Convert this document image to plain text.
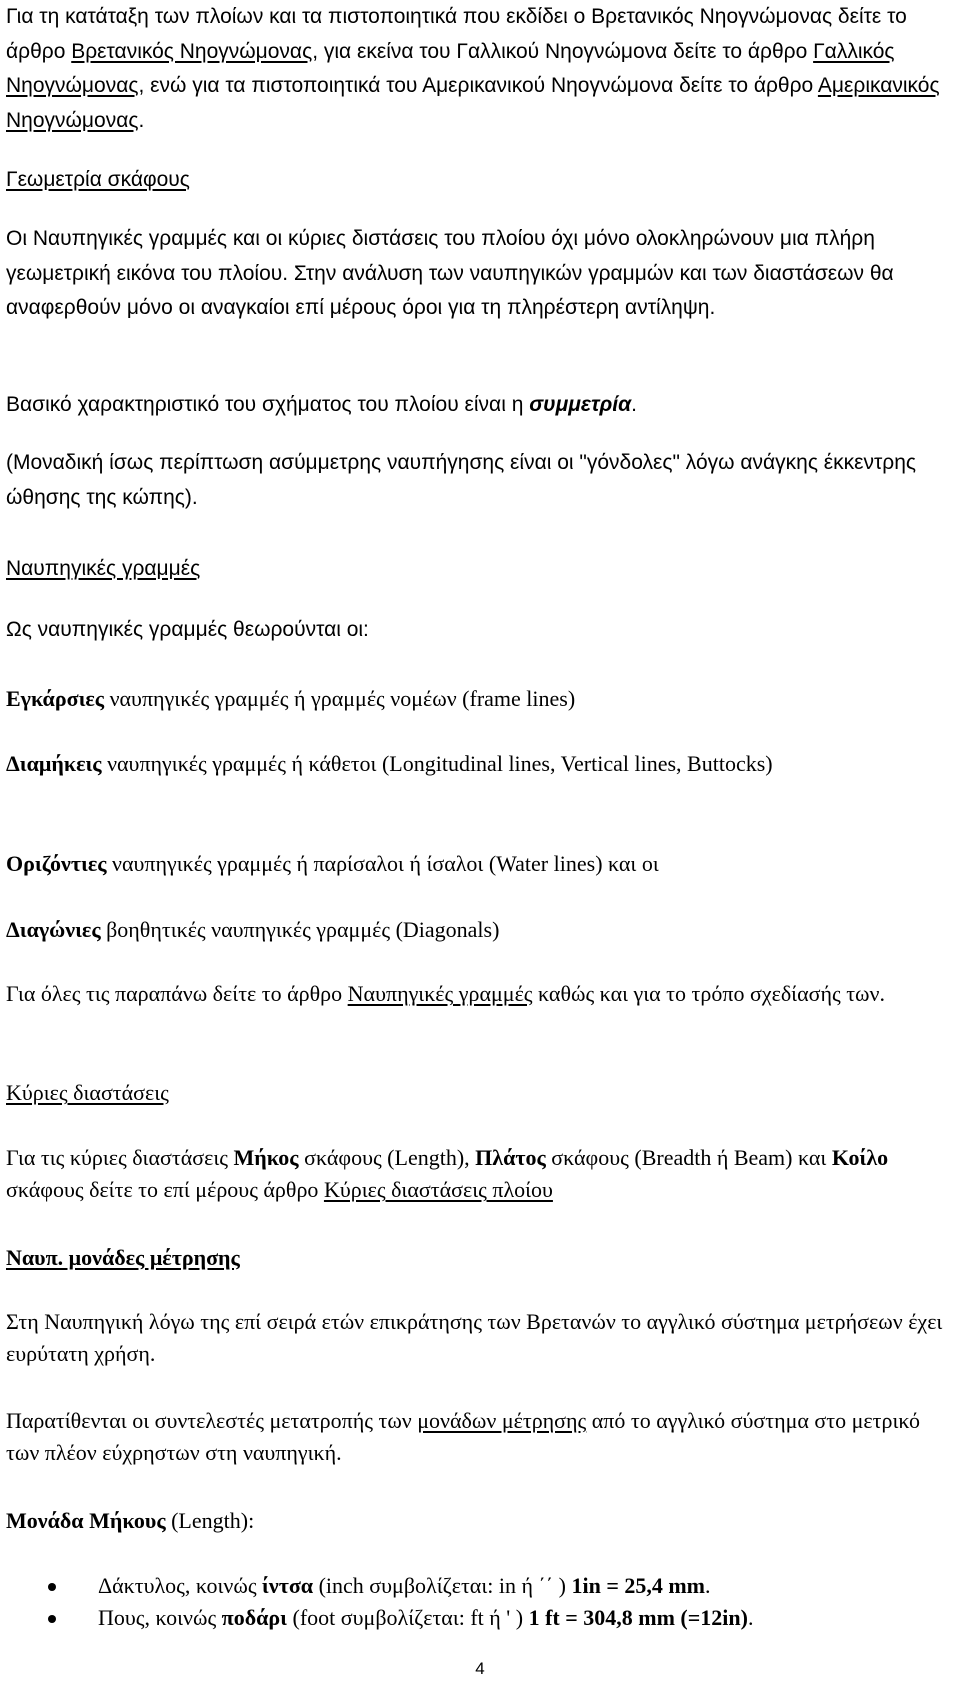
Για τη κατάταξη των πλοίων και τα πιστοποιητικά που εκδίδει ο Βρετανικός Νηογνώμονας δείτε το άρθρο Βρετανικός Νηογνώμονας, για εκείνα του Γαλλικού Νηογνώμονα δείτε το άρθρο Γαλλικός Νηογνώμονας, ενώ για τα πιστοποιητικά του Αμερικανικού Νηογνώμονα δείτε το άρθρο Αμερικανικός Νηογνώμονας.

Γεωμετρία σκάφους

Οι Ναυπηγικές γραμμές και οι κύριες διστάσεις του πλοίου όχι μόνο ολοκληρώνουν μια πλήρη γεωμετρική εικόνα του πλοίου. Στην ανάλυση των ναυπηγικών γραμμών και των διαστάσεων θα αναφερθούν μόνο οι αναγκαίοι επί μέρους όροι για τη πληρέστερη αντίληψη.

Βασικό χαρακτηριστικό του σχήματος του πλοίου είναι η συμμετρία.

(Μοναδική ίσως περίπτωση ασύμμετρης ναυπήγησης είναι οι "γόνδολες" λόγω ανάγκης έκκεντρης ώθησης της κώπης).

Ναυπηγικές γραμμές

Ως ναυπηγικές γραμμές θεωρούνται οι:

Εγκάρσιες ναυπηγικές γραμμές ή γραμμές νομέων (frame lines)

Διαμήκεις ναυπηγικές γραμμές ή κάθετοι (Longitudinal lines, Vertical lines, Buttocks)

Οριζόντιες ναυπηγικές γραμμές ή παρίσαλοι ή ίσαλοι (Water lines) και οι

Διαγώνιες βοηθητικές ναυπηγικές γραμμές (Diagonals)

Για όλες τις παραπάνω δείτε το άρθρο Ναυπηγικές γραμμές καθώς και για το τρόπο σχεδίασής των.

Κύριες διαστάσεις

Για τις κύριες διαστάσεις Μήκος σκάφους (Length), Πλάτος σκάφους (Breadth ή Beam) και Κοίλο σκάφους δείτε το επί μέρους άρθρο Κύριες διαστάσεις πλοίου

Ναυπ. μονάδες μέτρησης

Στη Ναυπηγική λόγω της επί σειρά ετών επικράτησης των Βρετανών το αγγλικό σύστημα μετρήσεων έχει ευρύτατη χρήση.

Παρατίθενται οι συντελεστές μετατροπής των μονάδων μέτρησης από το αγγλικό σύστημα στο μετρικό των πλέον εύχρηστων στη ναυπηγική.

Μονάδα Μήκους (Length):

Δάκτυλος, κοινώς ίντσα (inch συμβολίζεται: in ή ΄΄ ) 1in = 25,4 mm.
Πους, κοινώς ποδάρι (foot συμβολίζεται: ft ή ' ) 1 ft = 304,8 mm (=12in).
4
